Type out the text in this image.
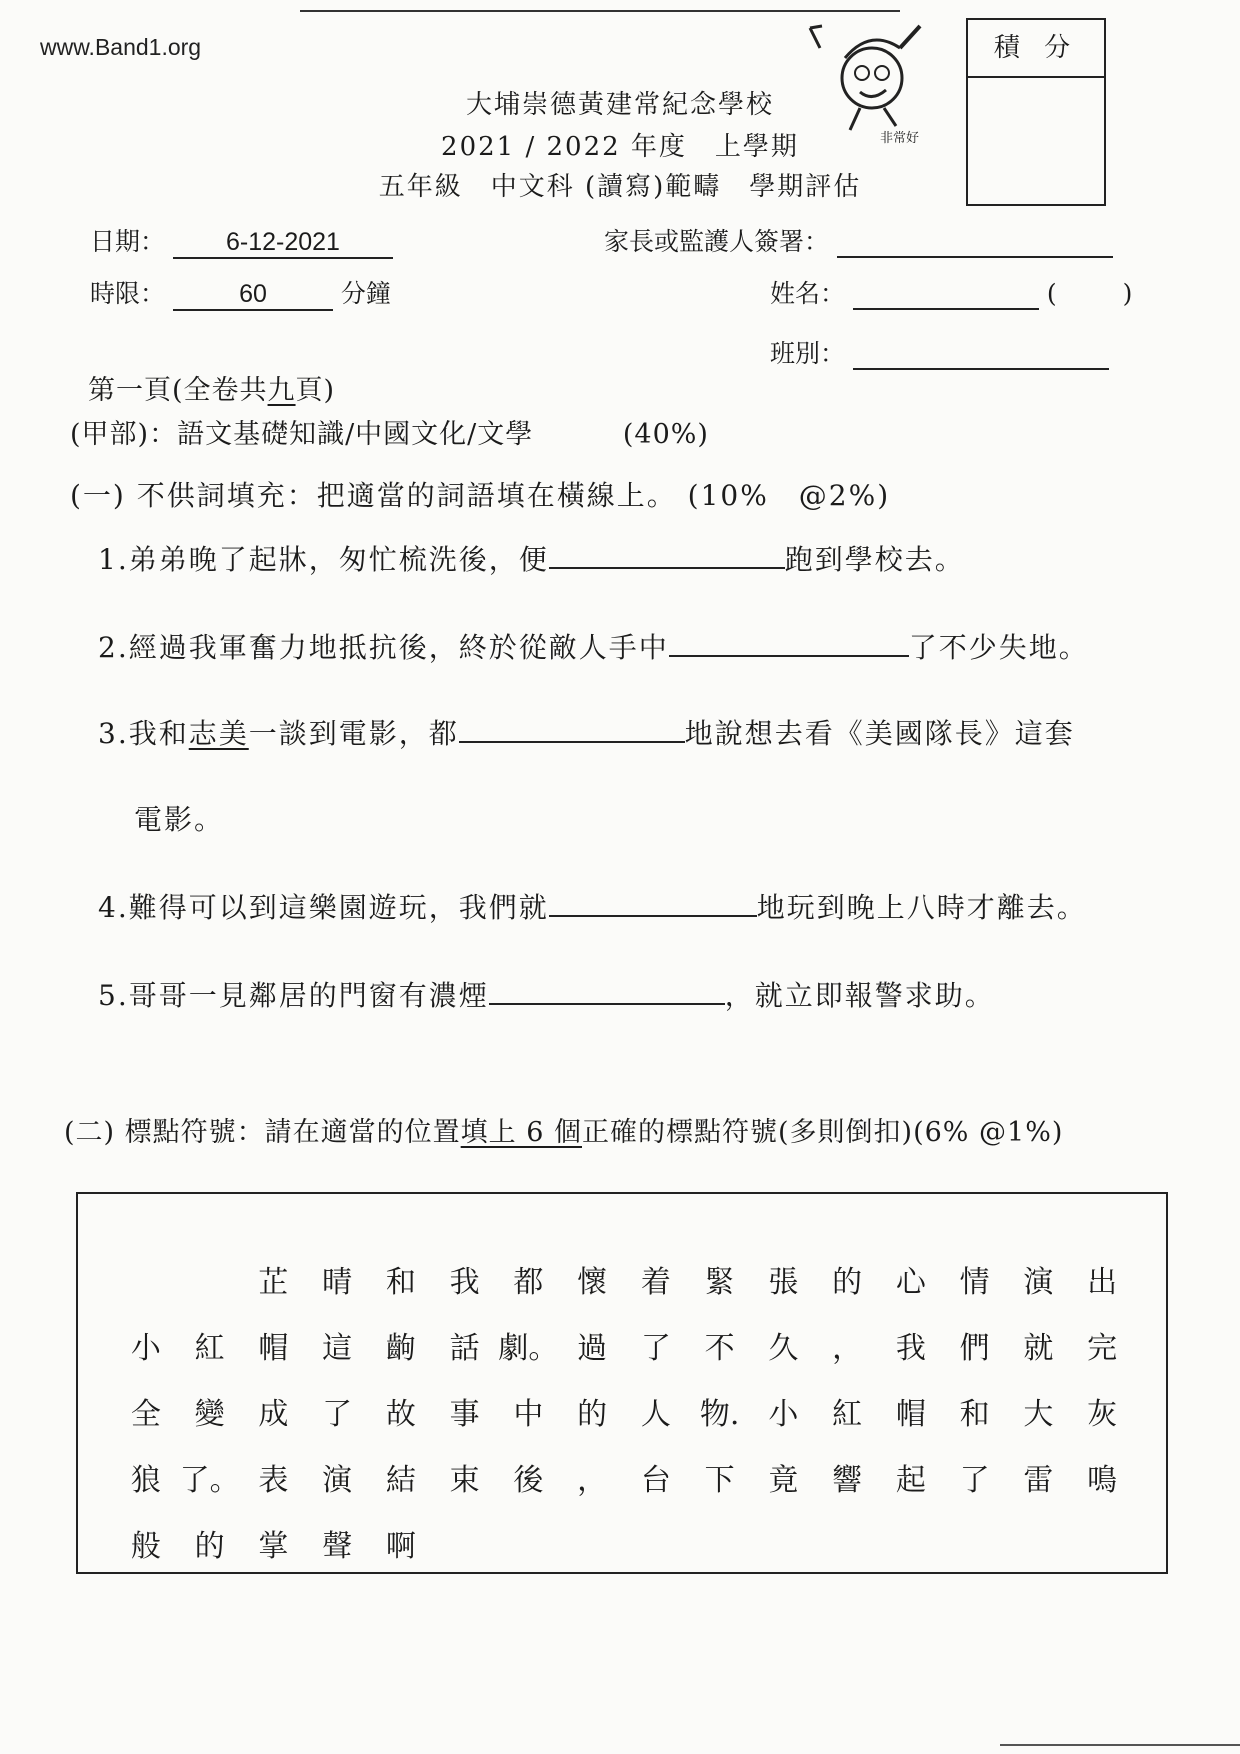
www.Band1.org
大埔崇德黃建常紀念學校
2021 / 2022 年度　上學期
五年級　中文科 (讀寫)範疇　學期評估
非常好
積 分
日期： 6-12-2021
時限：	60	分鐘
家長或監護人簽署：
姓名：	(	)
班別：
第一頁(全卷共九頁)
(甲部)：語文基礎知識/中國文化/文學	(40%)
(一) 不供詞填充：把適當的詞語填在橫線上。 (10%　@2%)
1.弟弟晚了起牀，匆忙梳洗後，便	跑到學校去。
2.經過我軍奮力地抵抗後，終於從敵人手中	了不少失地。
3.我和志美一談到電影，都	地說想去看《美國隊長》這套
電影。
4.難得可以到這樂園遊玩，我們就	地玩到晚上八時才離去。
5.哥哥一見鄰居的門窗有濃煙	，就立即報警求助。
(二) 標點符號：請在適當的位置填上 6 個正確的標點符號(多則倒扣)(6% @1%)
芷	晴	和	我	都	懷	着	緊	張	的	心	情	演	出
小	紅	帽	這	齣	話 劇。 過	了	不	久	，	我	們	就	完
全	變	成	了	故	事	中	的	人 物. 小	紅	帽	和	大	灰
狼 了。 表	演	結	束	後	，	台	下	竟	響	起	了	雷	鳴
般	的	掌	聲	啊
